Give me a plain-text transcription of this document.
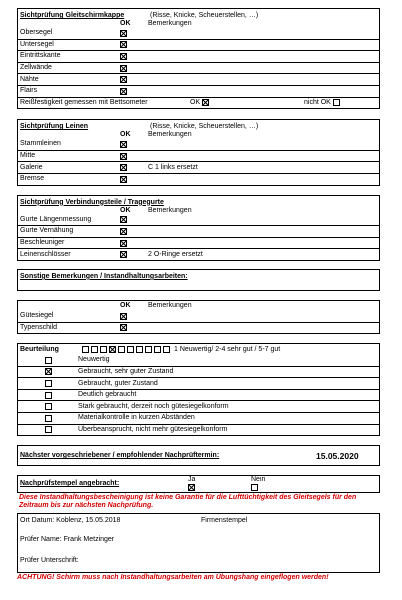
Sichtprüfung Gleitschirmkappe	(Risse, Knicke, Scheuerstellen, …)
OK	Bemerkungen
Obersegel
Untersegel
Eintrittskante
Zellwände
Nähte
Flairs
Reißfestigkeit gemessen mit Bettsometer	OK	nicht OK
Sichtprüfung Leinen	(Risse, Knicke, Scheuerstellen, …)
OK	Bemerkungen
Stammleinen
Mitte
Galerie	C 1 links ersetzt
Bremse
Sichtprüfung Verbindungsteile / Tragegurte
OK	Bemerkungen
Gurte Längenmessung
Gurte Vernähung
Beschleuniger
Leinenschlösser	2 O-Ringe ersetzt
Sonstige Bemerkungen / Instandhaltungsarbeiten:
OK	Bemerkungen
Gütesiegel
Typenschild
Beurteilung	1 Neuwertig/ 2-4 sehr gut / 5-7 gut
Neuwertig
Gebraucht, sehr guter Zustand
Gebraucht, guter Zustand
Deutlich gebraucht
Stark gebraucht, derzeit noch gütesiegelkonform
Materialkontrolle in kurzen Abständen
Überbeansprucht, nicht mehr gütesiegelkonform
Nächster vorgeschriebener / empfohlender Nachprüftermin:	15.05.2020
Nachprüfstempel angebracht:
Ja	Nein
Diese Instandhaltungsbescheinigung ist keine Garantie für die Lufttüchtigkeit des Gleitsegels für den Zeitraum bis zur nächsten Nachprüfung.
Ort Datum: Koblenz, 15.05.2018	Firmenstempel
Prüfer Name: Frank Metzinger
Prüfer Unterschrift:
ACHTUNG! Schirm muss nach Instandhaltungsarbeiten am Übungshang eingeflogen werden!
